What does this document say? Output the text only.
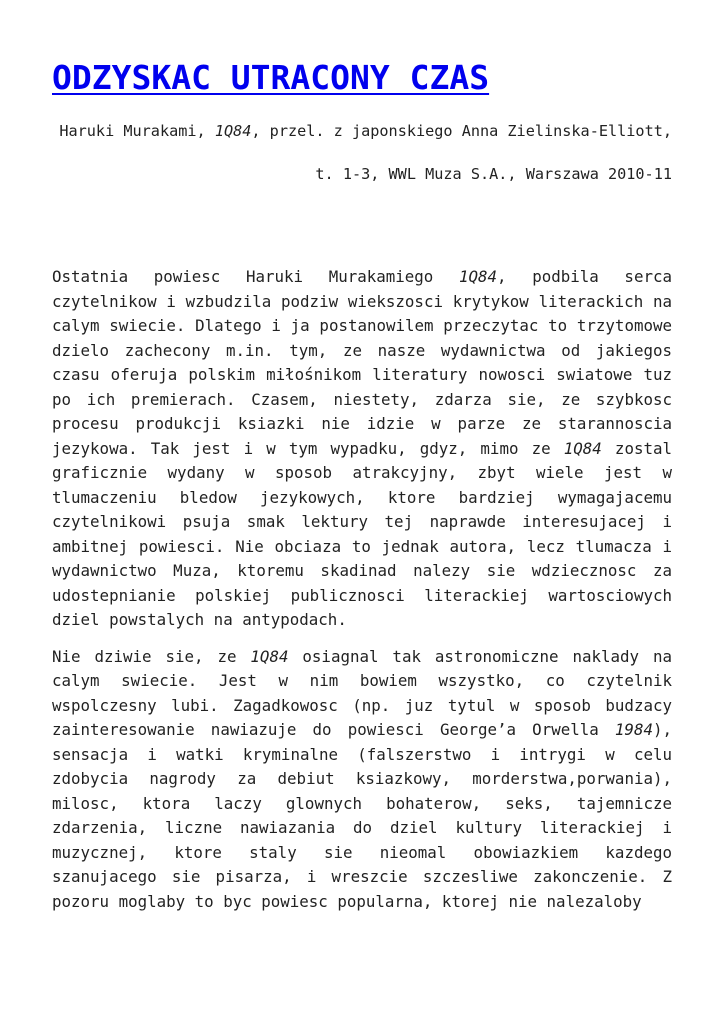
ODZYSKAC UTRACONY CZAS

Haruki Murakami, 1Q84, przel. z japonskiego Anna Zielinska-Elliott,

t. 1-3, WWL Muza S.A., Warszawa 2010-11

Ostatnia powiesc Haruki Murakamiego 1Q84, podbila serca czytelnikow i wzbudzila podziw wiekszosci krytykow literackich na calym swiecie. Dlatego i ja postanowilem przeczytac to trzytomowe dzielo zachecony m.in. tym, ze nasze wydawnictwa od jakiegos czasu oferuja polskim miłośnikom literatury nowosci swiatowe tuz po ich premierach. Czasem, niestety, zdarza sie, ze szybkosc procesu produkcji ksiazki nie idzie w parze ze starannoscia jezykowa. Tak jest i w tym wypadku, gdyz, mimo ze 1Q84 zostal graficznie wydany w sposob atrakcyjny, zbyt wiele jest w tlumaczeniu bledow jezykowych, ktore bardziej wymagajacemu czytelnikowi psuja smak lektury tej naprawde interesujacej i ambitnej powiesci. Nie obciaza to jednak autora, lecz tlumacza i wydawnictwo Muza, ktoremu skadinad nalezy sie wdziecznosc za udostepnianie polskiej publicznosci literackiej wartosciowych dziel powstalych na antypodach.

Nie dziwie sie, ze 1Q84 osiagnal tak astronomiczne naklady na calym swiecie. Jest w nim bowiem wszystko, co czytelnik wspolczesny lubi. Zagadkowosc (np. juz tytul w sposob budzacy zainteresowanie nawiazuje do powiesci George’a Orwella 1984), sensacja i watki kryminalne (falszerstwo i intrygi w celu zdobycia nagrody za debiut ksiazkowy, morderstwa,porwania), milosc, ktora laczy glownych bohaterow, seks, tajemnicze zdarzenia, liczne nawiazania do dziel kultury literackiej i muzycznej, ktore staly sie nieomal obowiazkiem kazdego szanujacego sie pisarza, i wreszcie szczesliwe zakonczenie. Z pozoru moglaby to byc powiesc popularna, ktorej nie nalezaloby
